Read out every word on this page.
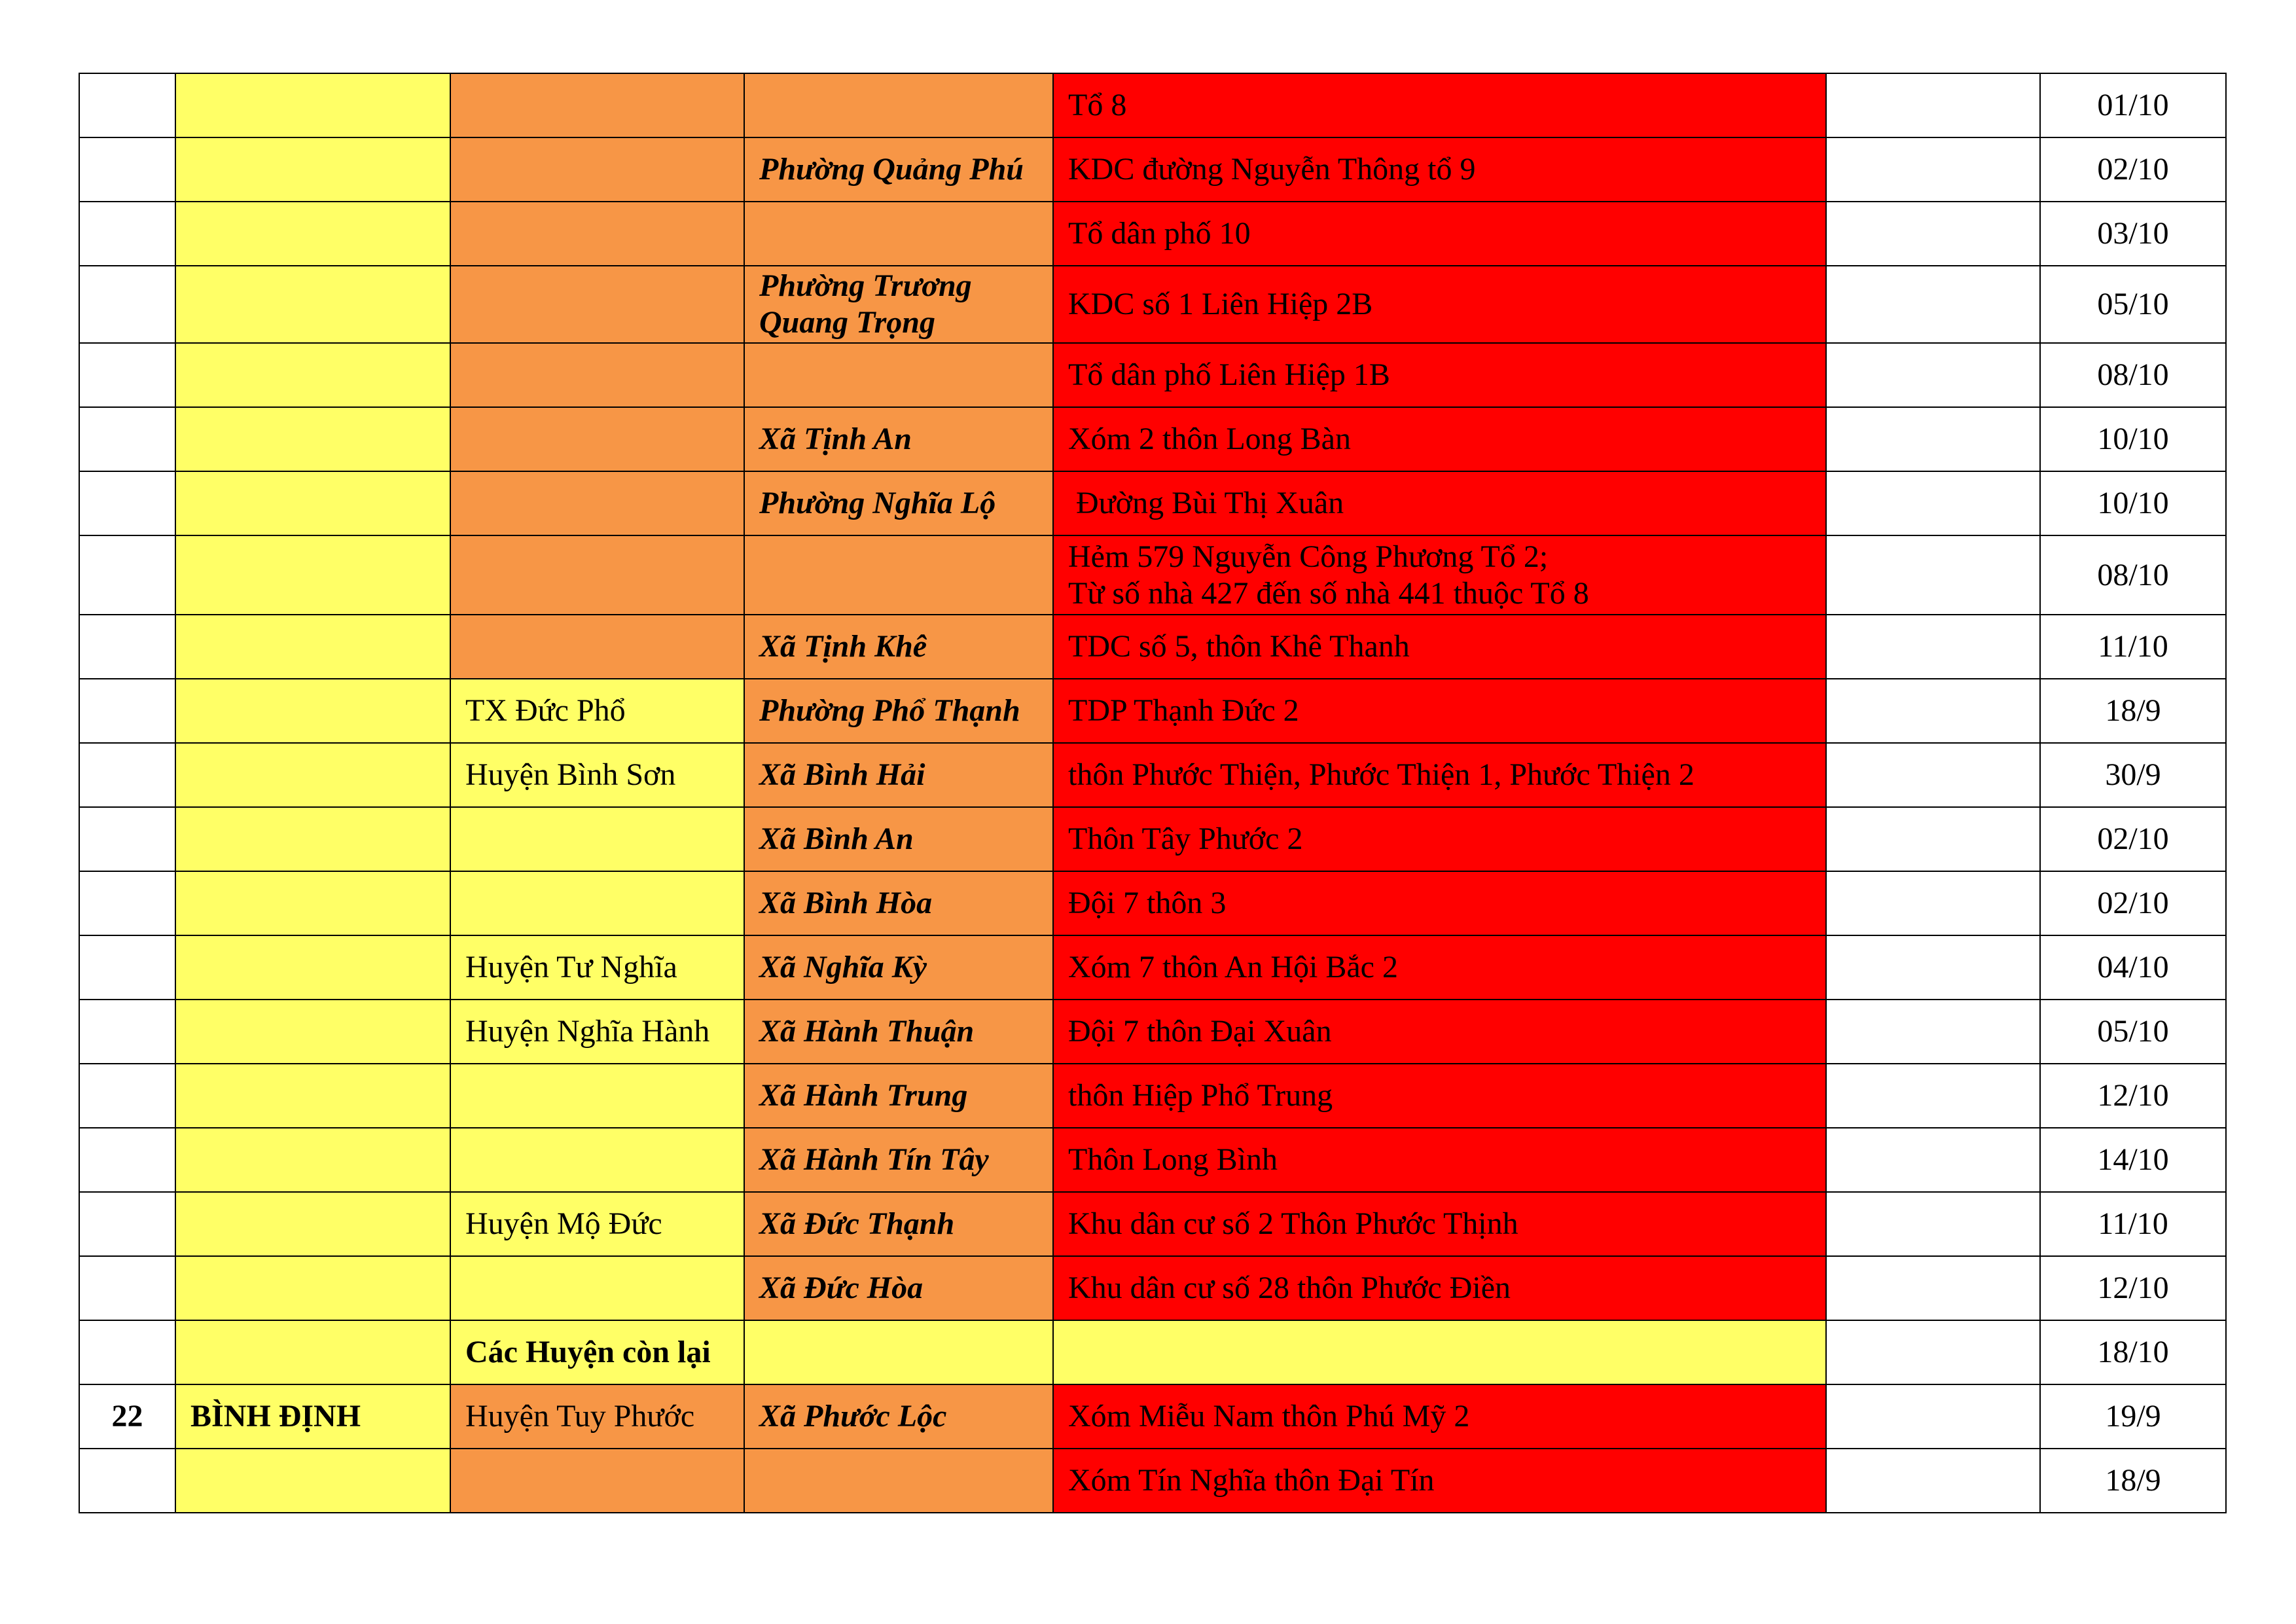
				Tổ 8		01/10
			Phường Quảng Phú	KDC đường Nguyễn Thông tổ 9		02/10

				Tổ dân phố 10		03/10
			Phường Trương Quang Trọng	KDC số 1 Liên Hiệp 2B		05/10

				Tổ dân phố Liên Hiệp 1B		08/10
			Xã Tịnh An	Xóm 2 thôn Long Bàn		10/10
			Phường Nghĩa Lộ	Đường Bùi Thị Xuân		10/10

				Hẻm 579 Nguyễn Công Phương Tổ 2;
Từ số nhà 427 đến số nhà 441 thuộc Tổ 8		08/10
			Xã Tịnh Khê	TDC số 5, thôn Khê Thanh		11/10
		TX Đức Phổ	Phường Phổ Thạnh	TDP Thạnh Đức 2		18/9
		Huyện Bình Sơn	Xã Bình Hải	thôn Phước Thiện, Phước Thiện 1, Phước Thiện 2		30/9
			Xã Bình An	Thôn Tây Phước 2		02/10
			Xã Bình Hòa	Đội 7 thôn 3		02/10
		Huyện Tư Nghĩa	Xã Nghĩa Kỳ	Xóm 7 thôn An Hội Bắc 2		04/10
		Huyện Nghĩa Hành	Xã Hành Thuận	Đội 7 thôn Đại Xuân		05/10
			Xã Hành Trung	thôn Hiệp Phổ Trung		12/10
			Xã Hành Tín Tây	Thôn Long Bình		14/10
		Huyện Mộ Đức	Xã Đức Thạnh	Khu dân cư số 2 Thôn Phước Thịnh		11/10
			Xã Đức Hòa	Khu dân cư số 28 thôn Phước Điền		12/10
		Các Huyện còn lại				18/10
22	BÌNH ĐỊNH	Huyện Tuy Phước	Xã Phước Lộc	Xóm Miễu Nam thôn Phú Mỹ 2		19/9

				Xóm Tín Nghĩa thôn Đại Tín		18/9
